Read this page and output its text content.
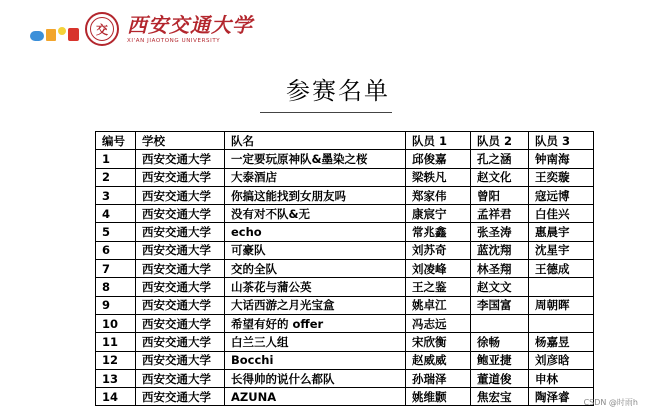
交 西安交通大学
XI'AN JIAOTONG UNIVERSITY
参赛名单
编号	学校	队名	队员 1	队员 2	队员 3
1	西安交通大学	一定要玩原神队&墨染之桜	邱俊嘉	孔之涵	钟南海
2	西安交通大学	大泰酒店	梁轶凡	赵文化	王奕璇
3	西安交通大学	你搞这能找到女朋友吗	郑家伟	曾阳	寇远博
4	西安交通大学	没有对不队&无	康宸宁	孟祥君	白佳兴
5	西安交通大学	echo	常兆鑫	张圣涛	惠晨宇
6	西安交通大学	可豪队	刘苏奇	蓝沈翔	沈星宇
7	西安交通大学	交的全队	刘凌峰	林圣翔	王德成
8	西安交通大学	山茶花与蒲公英	王之鉴	赵文文	
9	西安交通大学	大话西游之月光宝盒	姚卓江	李国富	周朝晖
10	西安交通大学	希望有好的 offer	冯志远		
11	西安交通大学	白兰三人组	宋欣衡	徐畅	杨嘉昱
12	西安交通大学	Bocchi	赵威威	鲍亚捷	刘彦晗
13	西安交通大学	长得帅的说什么都队	孙瑞泽	董道俊	申林
14	西安交通大学	AZUNA	姚维颢	焦宏宝	陶泽睿 CSDN @时雨h
